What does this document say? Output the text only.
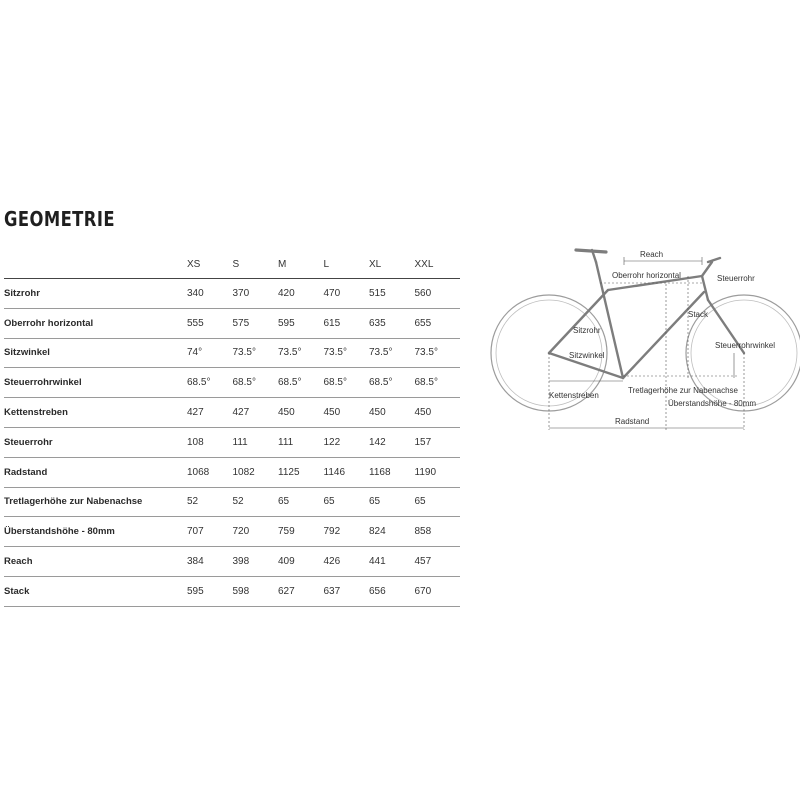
GEOMETRIE
	XS	S	M	L	XL	XXL
Sitzrohr	340	370	420	470	515	560
Oberrohr horizontal	555	575	595	615	635	655
Sitzwinkel	74°	73.5°	73.5°	73.5°	73.5°	73.5°
Steuerrohrwinkel	68.5°	68.5°	68.5°	68.5°	68.5°	68.5°
Kettenstreben	427	427	450	450	450	450
Steuerrohr	108	111	111	122	142	157
Radstand	1068	1082	1125	1146	1168	1190
Tretlagerhöhe zur Nabenachse	52	52	65	65	65	65
Überstandshöhe - 80mm	707	720	759	792	824	858
Reach	384	398	409	426	441	457
Stack	595	598	627	637	656	670
Reach
Oberrohr horizontal	Steuerrohr
Stack
Sitzrohr
Sitzwinkel
Steuerrohrwinkel
Tretlagerhöhe zur Nabenachse
Kettenstreben
Überstandshöhe - 80mm
Radstand
